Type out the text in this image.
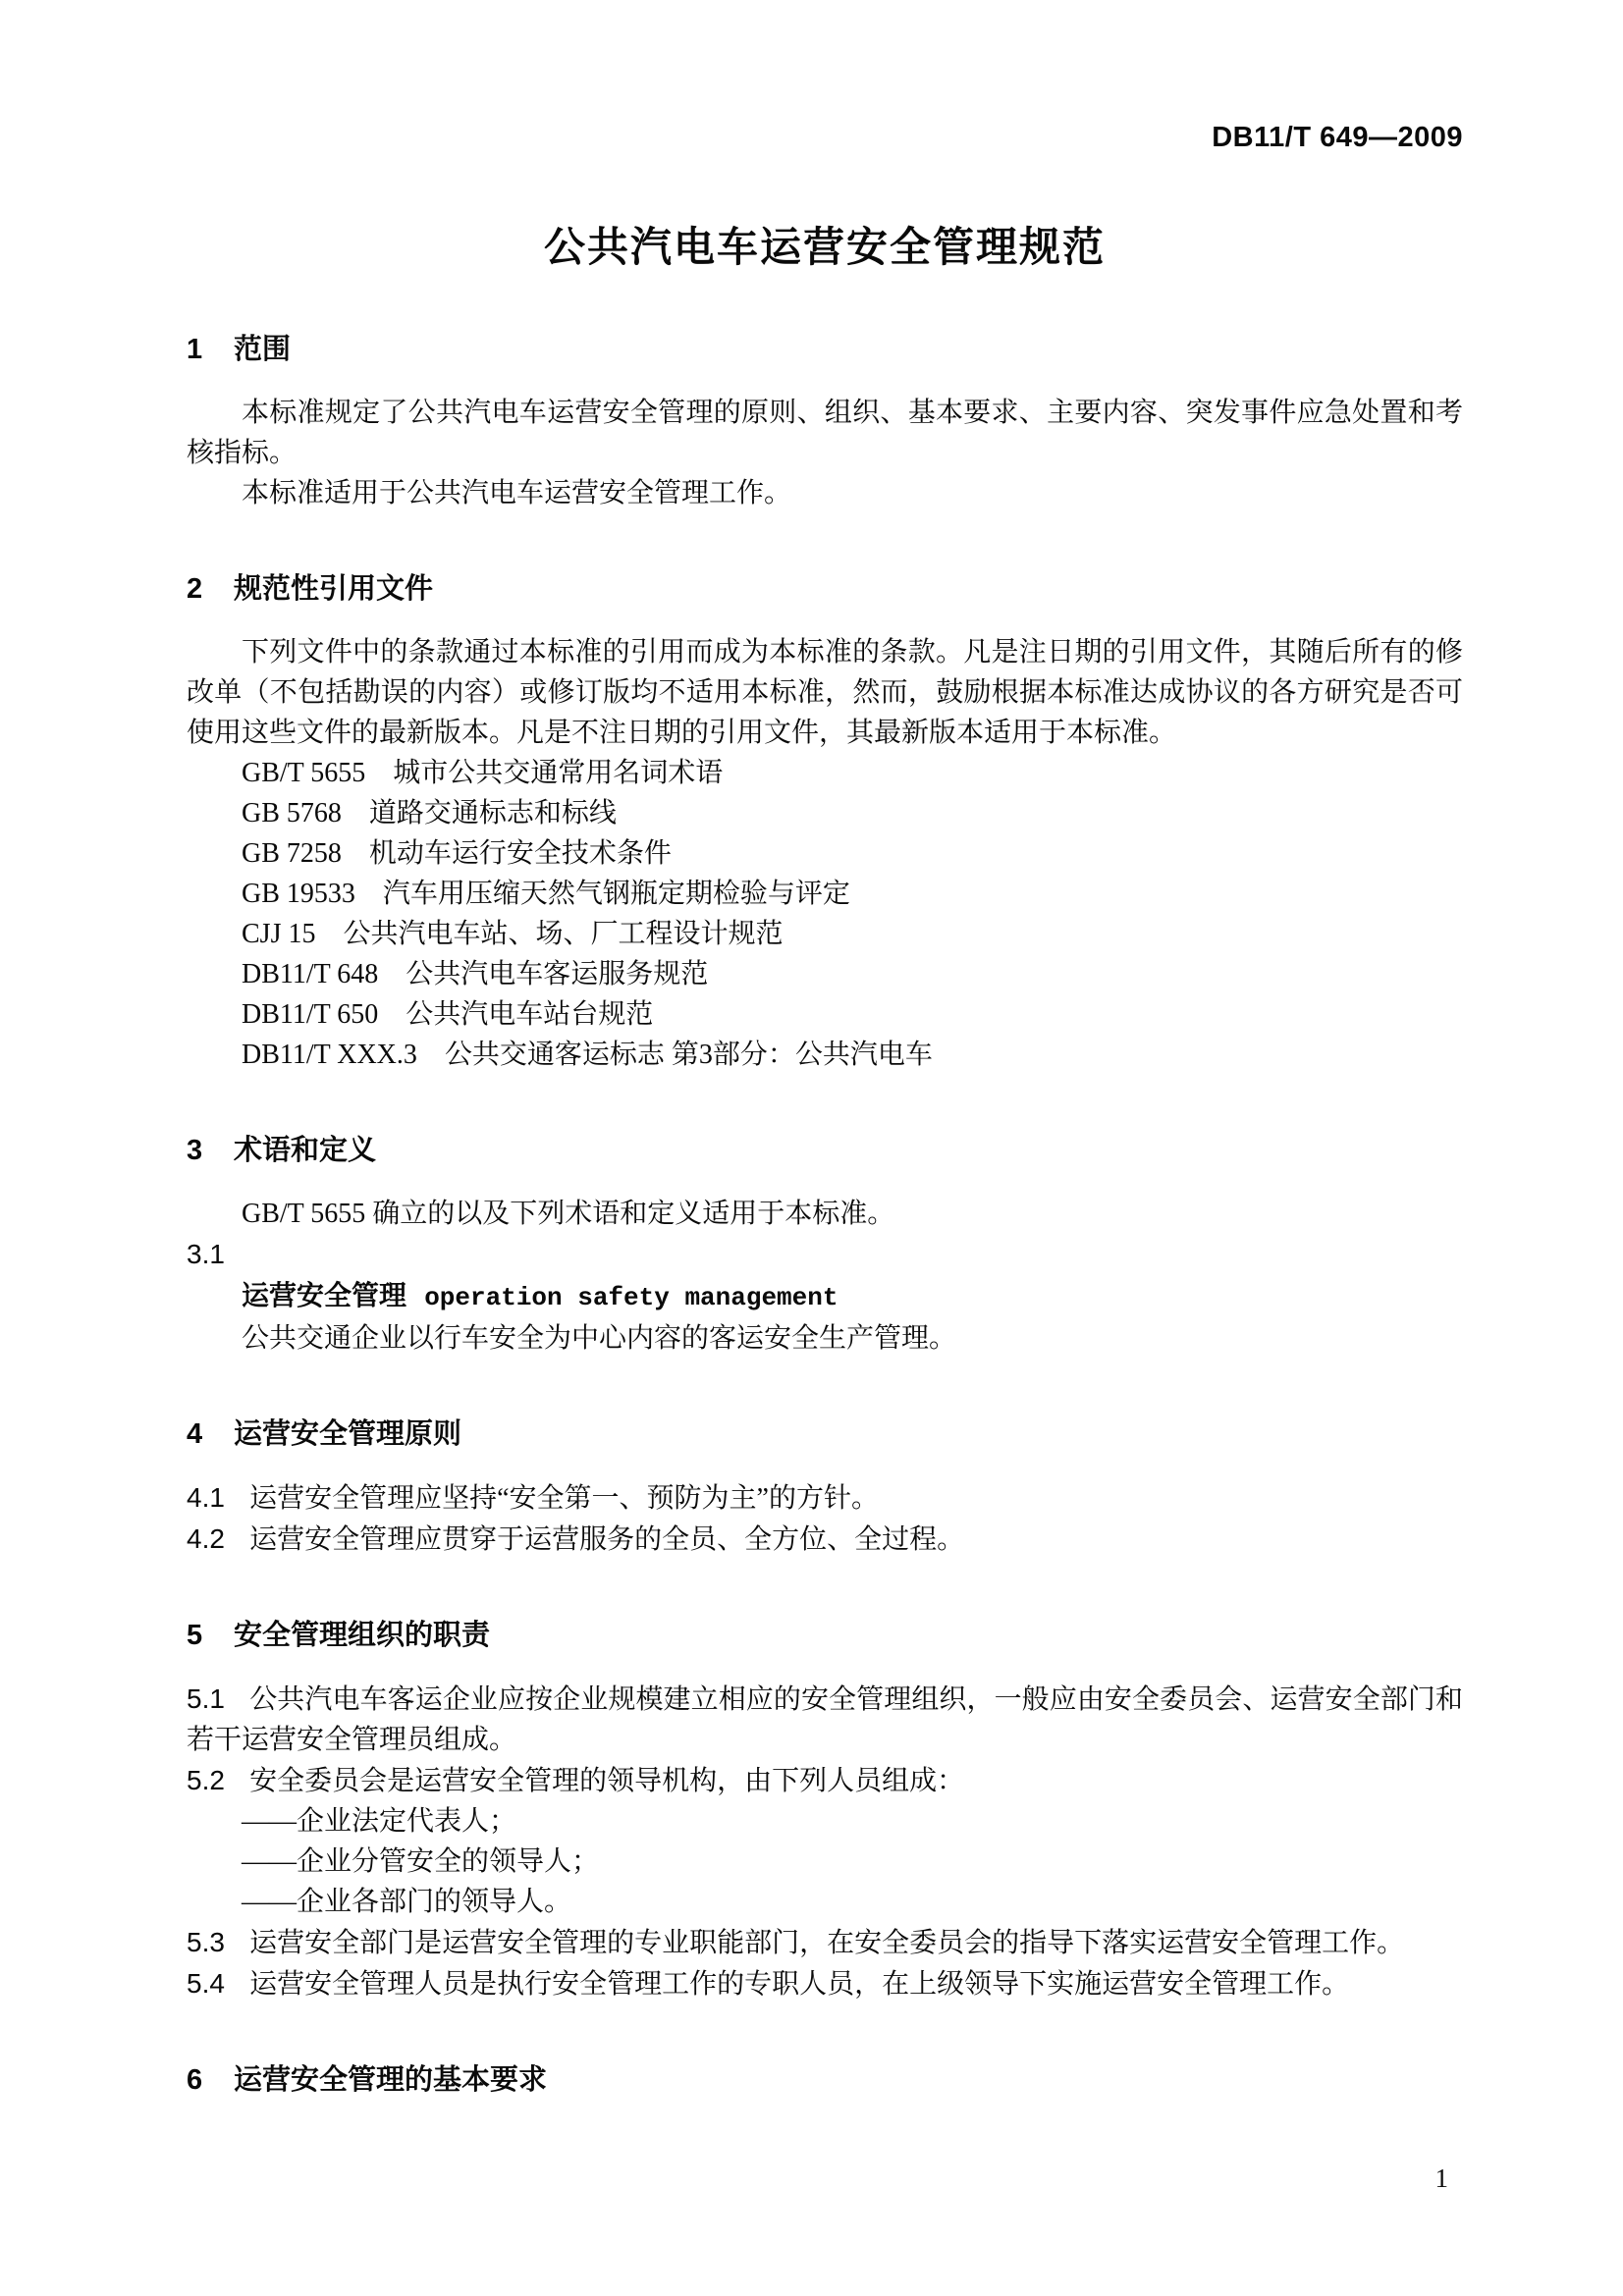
DB11/T 649—2009
公共汽电车运营安全管理规范
1 范围

本标准规定了公共汽电车运营安全管理的原则、组织、基本要求、主要内容、突发事件应急处置和考核指标。

本标准适用于公共汽电车运营安全管理工作。

2 规范性引用文件

下列文件中的条款通过本标准的引用而成为本标准的条款。凡是注日期的引用文件，其随后所有的修改单（不包括勘误的内容）或修订版均不适用本标准，然而，鼓励根据本标准达成协议的各方研究是否可使用这些文件的最新版本。凡是不注日期的引用文件，其最新版本适用于本标准。

GB/T 5655　城市公共交通常用名词术语

GB 5768　道路交通标志和标线

GB 7258　机动车运行安全技术条件

GB 19533　汽车用压缩天然气钢瓶定期检验与评定

CJJ 15　公共汽电车站、场、厂工程设计规范

DB11/T 648　公共汽电车客运服务规范

DB11/T 650　公共汽电车站台规范

DB11/T XXX.3　公共交通客运标志 第3部分：公共汽电车

3 术语和定义

GB/T 5655 确立的以及下列术语和定义适用于本标准。

3.1

运营安全管理 operation safety management

公共交通企业以行车安全为中心内容的客运安全生产管理。

4 运营安全管理原则

4.1 运营安全管理应坚持“安全第一、预防为主”的方针。

4.2 运营安全管理应贯穿于运营服务的全员、全方位、全过程。

5 安全管理组织的职责

5.1 公共汽电车客运企业应按企业规模建立相应的安全管理组织，一般应由安全委员会、运营安全部门和若干运营安全管理员组成。

5.2 安全委员会是运营安全管理的领导机构，由下列人员组成：

——企业法定代表人；

——企业分管安全的领导人；

——企业各部门的领导人。

5.3 运营安全部门是运营安全管理的专业职能部门，在安全委员会的指导下落实运营安全管理工作。

5.4 运营安全管理人员是执行安全管理工作的专职人员，在上级领导下实施运营安全管理工作。

6 运营安全管理的基本要求
1
